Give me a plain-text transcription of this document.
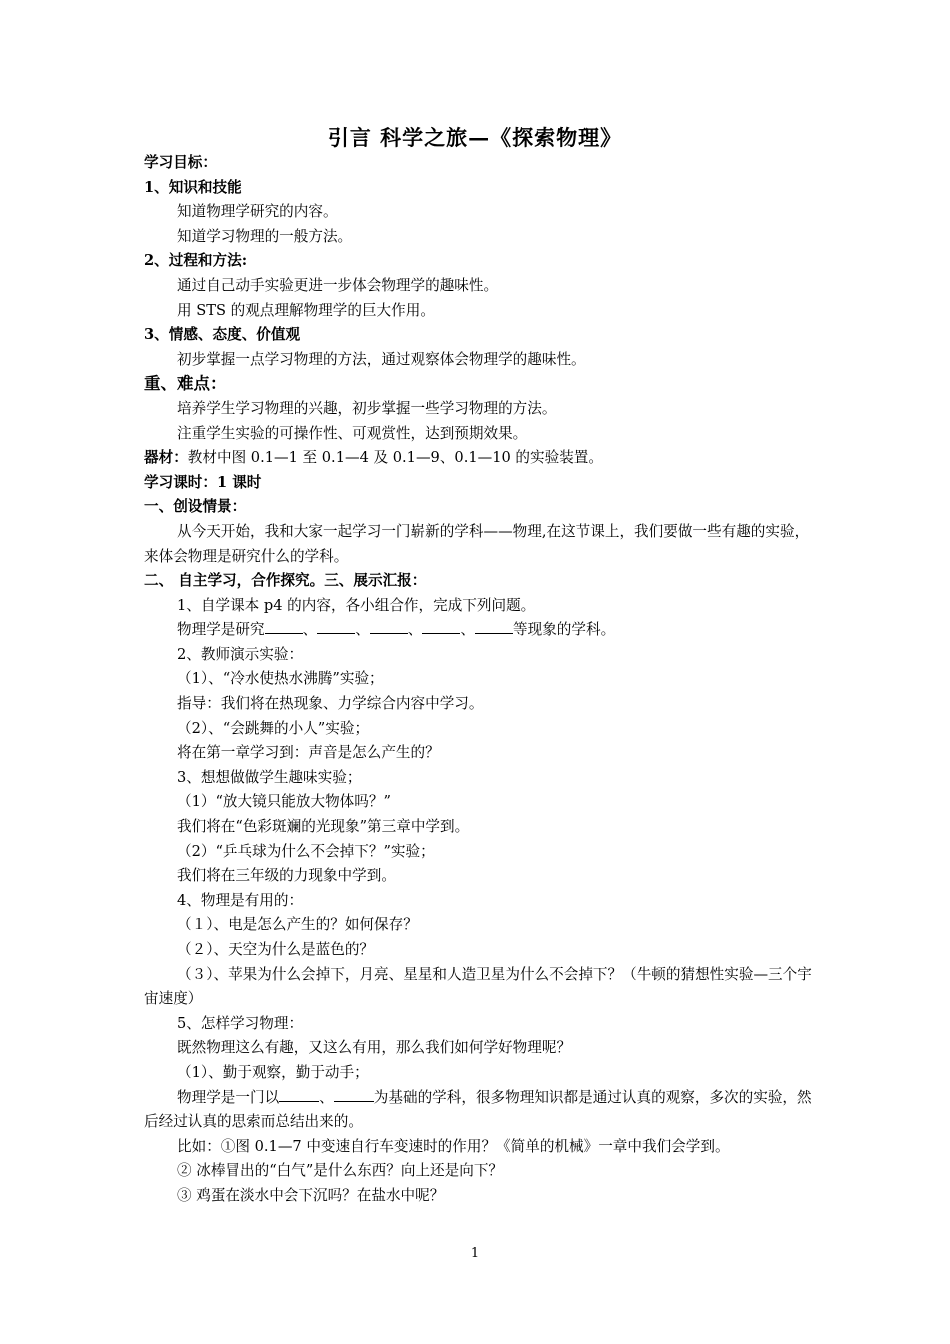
引言 科学之旅—《探索物理》

学习目标：

1、知识和技能

知道物理学研究的内容。

知道学习物理的一般方法。

2、过程和方法:

通过自己动手实验更进一步体会物理学的趣味性。

用 STS 的观点理解物理学的巨大作用。

3、情感、态度、价值观

初步掌握一点学习物理的方法，通过观察体会物理学的趣味性。

重、难点：

培养学生学习物理的兴趣，初步掌握一些学习物理的方法。

注重学生实验的可操作性、可观赏性，达到预期效果。

器材：教材中图 0.1—1 至 0.1—4 及 0.1—9、0.1—10 的实验装置。

学习课时：1 课时

一、创设情景：

从今天开始，我和大家一起学习一门崭新的学科——物理,在这节课上，我们要做一些有趣的实验，来体会物理是研究什么的学科。

二、 自主学习，合作探究。三、展示汇报：

1、自学课本 p4 的内容，各小组合作，完成下列问题。

物理学是研究	、	、	、	、	等现象的学科。

2、教师演示实验：

（1）、“冷水使热水沸腾”实验；

指导：我们将在热现象、力学综合内容中学习。

（2）、“会跳舞的小人”实验；

将在第一章学习到：声音是怎么产生的？

3、想想做做学生趣味实验；

（1）“放大镜只能放大物体吗？”

我们将在“色彩斑斓的光现象”第三章中学到。

（2）“乒乓球为什么不会掉下？”实验；

我们将在三年级的力现象中学到。

4、物理是有用的：

（１）、电是怎么产生的？如何保存？

（２）、天空为什么是蓝色的？

（３）、苹果为什么会掉下，月亮、星星和人造卫星为什么不会掉下？（牛顿的猜想性实验—三个宇宙速度）

5、怎样学习物理：

既然物理这么有趣，又这么有用，那么我们如何学好物理呢？

（1）、勤于观察，勤于动手；

物理学是一门以	、	为基础的学科，很多物理知识都是通过认真的观察，多次的实验，然后经过认真的思索而总结出来的。

比如：①图 0.1—7 中变速自行车变速时的作用？《简单的机械》一章中我们会学到。

② 冰棒冒出的“白气”是什么东西？向上还是向下？

③ 鸡蛋在淡水中会下沉吗？在盐水中呢？

1
